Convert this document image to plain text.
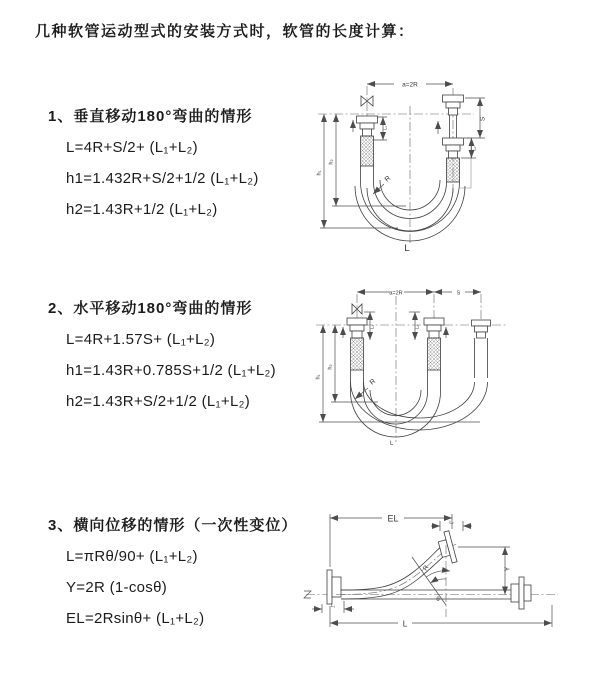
几种软管运动型式的安装方式时，软管的长度计算：
1、垂直移动180°弯曲的情形

L=4R+S/2+ (L₁+L₂)

h1=1.432R+S/2+1/2 (L₁+L₂)

h2=1.43R+1/2 (L₁+L₂)

2、水平移动180°弯曲的情形

L=4R+1.57S+ (L₁+L₂)

h1=1.43R+0.785S+1/2 (L₁+L₂)

h2=1.43R+S/2+1/2 (L₁+L₂)

3、横向位移的情形（一次性变位）

L=πRθ/90+ (L₁+L₂)

Y=2R (1-cosθ)

EL=2Rsinθ+ (L₁+L₂)

a=2R
R
h₁
h₂
L₁
S
L₂
L
a=2R	S
R
h₁
h₂
L₁	L₂
L
EL	L₂
R
θ
Y
L₁
L
